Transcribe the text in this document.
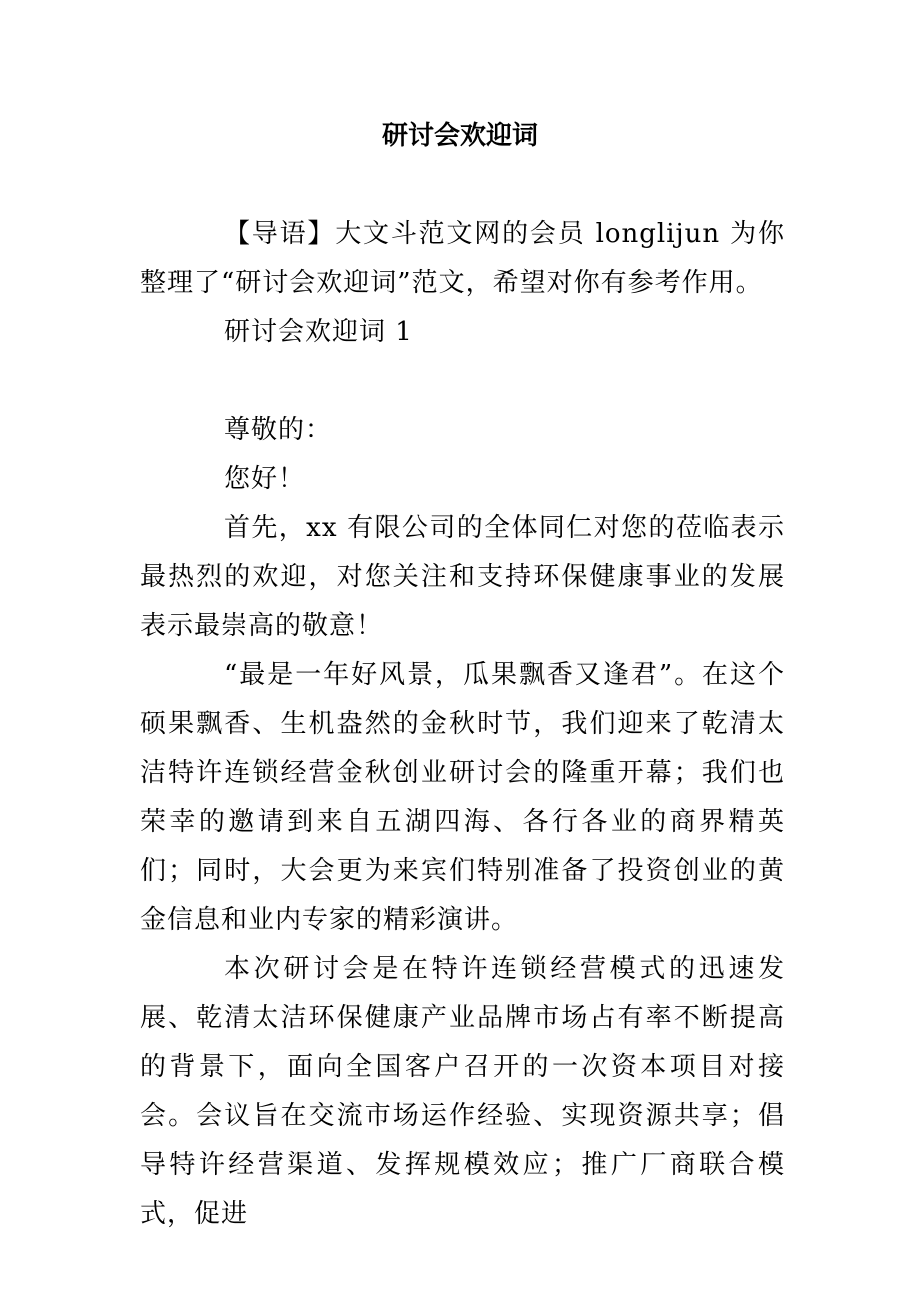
研讨会欢迎词

【导语】大文斗范文网的会员 longlijun 为你整理了“研讨会欢迎词”范文，希望对你有参考作用。

研讨会欢迎词 1

尊敬的：

您好！

首先，xx 有限公司的全体同仁对您的莅临表示最热烈的欢迎，对您关注和支持环保健康事业的发展表示最崇高的敬意！

“最是一年好风景，瓜果飘香又逢君”。在这个硕果飘香、生机盎然的金秋时节，我们迎来了乾清太洁特许连锁经营金秋创业研讨会的隆重开幕；我们也荣幸的邀请到来自五湖四海、各行各业的商界精英们；同时，大会更为来宾们特别准备了投资创业的黄金信息和业内专家的精彩演讲。

本次研讨会是在特许连锁经营模式的迅速发展、乾清太洁环保健康产业品牌市场占有率不断提高的背景下，面向全国客户召开的一次资本项目对接会。会议旨在交流市场运作经验、实现资源共享；倡导特许经营渠道、发挥规模效应；推广厂商联合模式，促进
